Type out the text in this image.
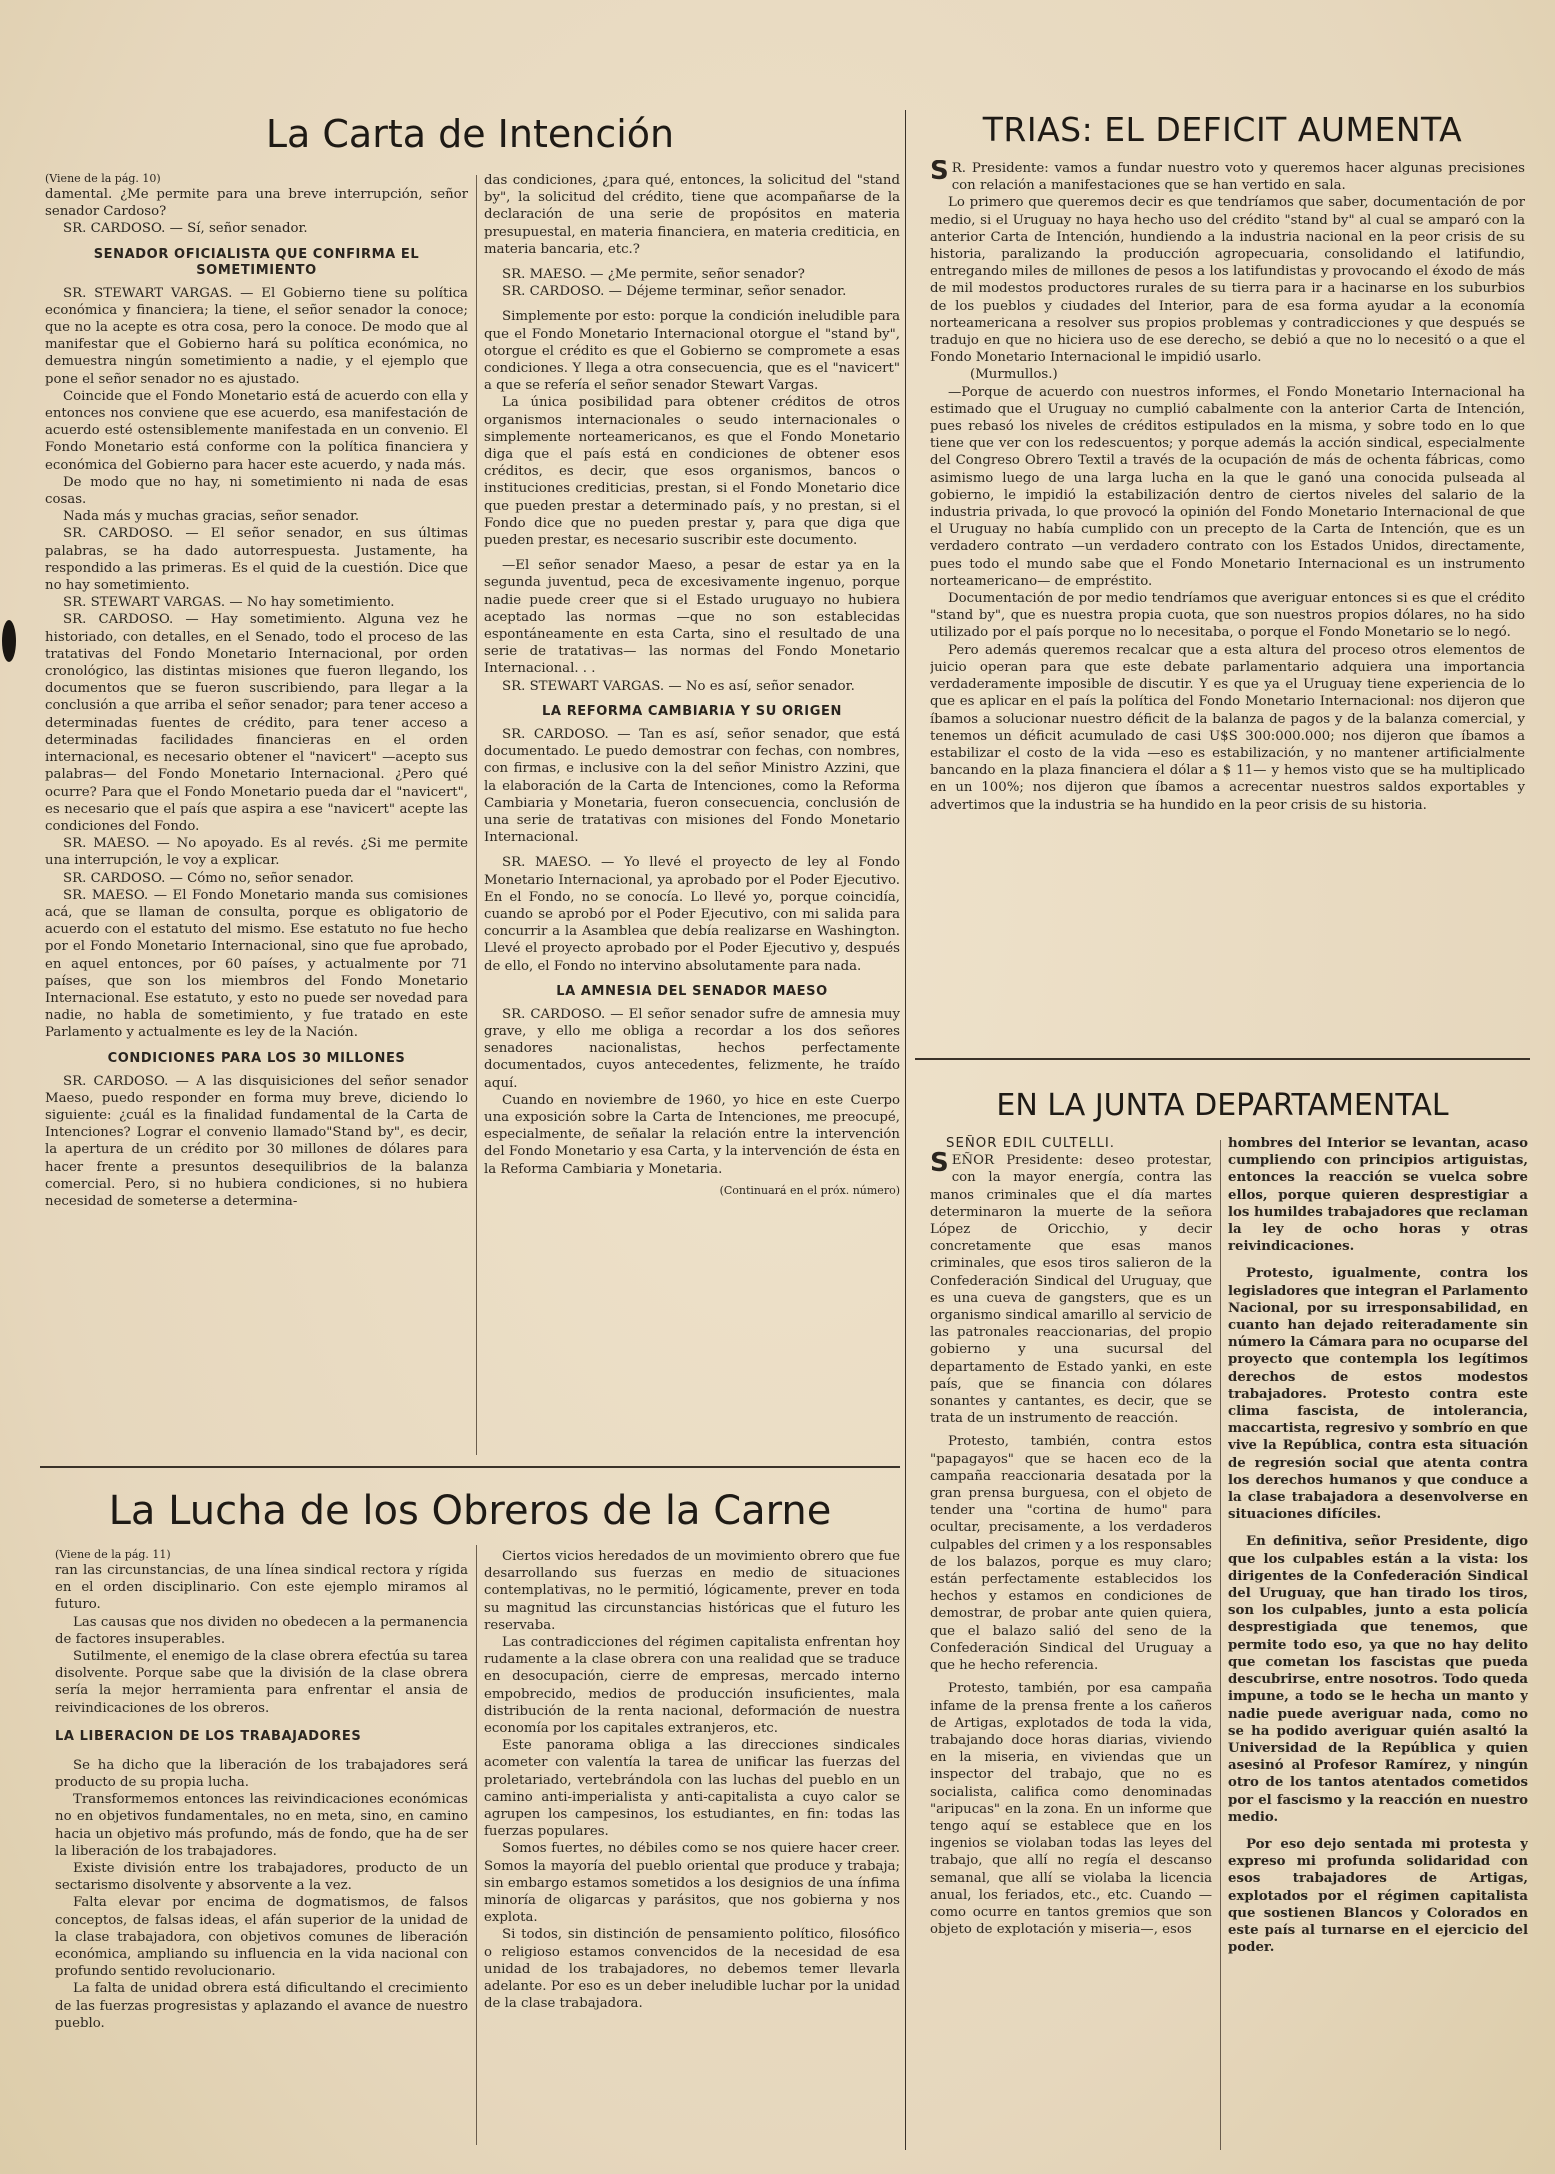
La Carta de Intención	TRIAS: EL DEFICIT AUMENTA
EN LA JUNTA DEPARTAMENTAL
La Lucha de los Obreros de la Carne

(Viene de la pág. 10)

damental. ¿Me permite para una breve interrupción, señor senador Cardoso?

SR. CARDOSO. — Sí, señor senador.

SENADOR OFICIALISTA QUE CONFIRMA EL SOMETIMIENTO

SR. STEWART VARGAS. — El Gobierno tiene su política económica y financiera; la tiene, el señor senador la conoce; que no la acepte es otra cosa, pero la conoce. De modo que al manifestar que el Gobierno hará su política económica, no demuestra ningún sometimiento a nadie, y el ejemplo que pone el señor senador no es ajustado.

Coincide que el Fondo Monetario está de acuerdo con ella y entonces nos conviene que ese acuerdo, esa manifestación de acuerdo esté ostensiblemente manifestada en un convenio. El Fondo Monetario está conforme con la política financiera y económica del Gobierno para hacer este acuerdo, y nada más.

De modo que no hay, ni sometimiento ni nada de esas cosas.

Nada más y muchas gracias, señor senador.

SR. CARDOSO. — El señor senador, en sus últimas palabras, se ha dado autorrespuesta. Justamente, ha respondido a las primeras. Es el quid de la cuestión. Dice que no hay sometimiento.

SR. STEWART VARGAS. — No hay sometimiento.

SR. CARDOSO. — Hay sometimiento. Alguna vez he historiado, con detalles, en el Senado, todo el proceso de las tratativas del Fondo Monetario Internacional, por orden cronológico, las distintas misiones que fueron llegando, los documentos que se fueron suscribiendo, para llegar a la conclusión a que arriba el señor senador; para tener acceso a determinadas fuentes de crédito, para tener acceso a determinadas facilidades financieras en el orden internacional, es necesario obtener el "navicert" —acepto sus palabras— del Fondo Monetario Internacional. ¿Pero qué ocurre? Para que el Fondo Monetario pueda dar el "navicert", es necesario que el país que aspira a ese "navicert" acepte las condiciones del Fondo.

SR. MAESO. — No apoyado. Es al revés. ¿Si me permite una interrupción, le voy a explicar.

SR. CARDOSO. — Cómo no, señor senador.

SR. MAESO. — El Fondo Monetario manda sus comisiones acá, que se llaman de consulta, porque es obligatorio de acuerdo con el estatuto del mismo. Ese estatuto no fue hecho por el Fondo Monetario Internacional, sino que fue aprobado, en aquel entonces, por 60 países, y actualmente por 71 países, que son los miembros del Fondo Monetario Internacional. Ese estatuto, y esto no puede ser novedad para nadie, no habla de sometimiento, y fue tratado en este Parlamento y actualmente es ley de la Nación.

CONDICIONES PARA LOS 30 MILLONES

SR. CARDOSO. — A las disquisiciones del señor senador Maeso, puedo responder en forma muy breve, diciendo lo siguiente: ¿cuál es la finalidad fundamental de la Carta de Intenciones? Lograr el convenio llamado"Stand by", es decir, la apertura de un crédito por 30 millones de dólares para hacer frente a presuntos desequilibrios de la balanza comercial. Pero, si no hubiera condiciones, si no hubiera necesidad de someterse a determina-

das condiciones, ¿para qué, entonces, la solicitud del "stand by", la solicitud del crédito, tiene que acompañarse de la declaración de una serie de propósitos en materia presupuestal, en materia financiera, en materia crediticia, en materia bancaria, etc.?

SR. MAESO. — ¿Me permite, señor senador?

SR. CARDOSO. — Déjeme terminar, señor senador.

Simplemente por esto: porque la condición ineludible para que el Fondo Monetario Internacional otorgue el "stand by", otorgue el crédito es que el Gobierno se compromete a esas condiciones. Y llega a otra consecuencia, que es el "navicert" a que se refería el señor senador Stewart Vargas.

La única posibilidad para obtener créditos de otros organismos internacionales o seudo internacionales o simplemente norteamericanos, es que el Fondo Monetario diga que el país está en condiciones de obtener esos créditos, es decir, que esos organismos, bancos o instituciones crediticias, prestan, si el Fondo Monetario dice que pueden prestar a determinado país, y no prestan, si el Fondo dice que no pueden prestar y, para que diga que pueden prestar, es necesario suscribir este documento.

—El señor senador Maeso, a pesar de estar ya en la segunda juventud, peca de excesivamente ingenuo, porque nadie puede creer que si el Estado uruguayo no hubiera aceptado las normas —que no son establecidas espontáneamente en esta Carta, sino el resultado de una serie de tratativas— las normas del Fondo Monetario Internacional. . .

SR. STEWART VARGAS. — No es así, señor senador.

LA REFORMA CAMBIARIA Y SU ORIGEN

SR. CARDOSO. — Tan es así, señor senador, que está documentado. Le puedo demostrar con fechas, con nombres, con firmas, e inclusive con la del señor Ministro Azzini, que la elaboración de la Carta de Intenciones, como la Reforma Cambiaria y Monetaria, fueron consecuencia, conclusión de una serie de tratativas con misiones del Fondo Monetario Internacional.

SR. MAESO. — Yo llevé el proyecto de ley al Fondo Monetario Internacional, ya aprobado por el Poder Ejecutivo. En el Fondo, no se conocía. Lo llevé yo, porque coincidía, cuando se aprobó por el Poder Ejecutivo, con mi salida para concurrir a la Asamblea que debía realizarse en Washington. Llevé el proyecto aprobado por el Poder Ejecutivo y, después de ello, el Fondo no intervino absolutamente para nada.

LA AMNESIA DEL SENADOR MAESO

SR. CARDOSO. — El señor senador sufre de amnesia muy grave, y ello me obliga a recordar a los dos señores senadores nacionalistas, hechos perfectamente documentados, cuyos antecedentes, felizmente, he traído aquí.

Cuando en noviembre de 1960, yo hice en este Cuerpo una exposición sobre la Carta de Intenciones, me preocupé, especialmente, de señalar la relación entre la intervención del Fondo Monetario y esa Carta, y la intervención de ésta en la Reforma Cambiaria y Monetaria.

(Continuará en el próx. número)

S R. Presidente: vamos a fundar nuestro voto y queremos hacer algunas precisiones con relación a manifestaciones que se han vertido en sala.

Lo primero que queremos decir es que tendríamos que saber, documentación de por medio, si el Uruguay no haya hecho uso del crédito "stand by" al cual se amparó con la anterior Carta de Intención, hundiendo a la industria nacional en la peor crisis de su historia, paralizando la producción agropecuaria, consolidando el latifundio, entregando miles de millones de pesos a los latifundistas y provocando el éxodo de más de mil modestos productores rurales de su tierra para ir a hacinarse en los suburbios de los pueblos y ciudades del Interior, para de esa forma ayudar a la economía norteamericana a resolver sus propios problemas y contradicciones y que después se tradujo en que no hiciera uso de ese derecho, se debió a que no lo necesitó o a que el Fondo Monetario Internacional le impidió usarlo.

(Murmullos.)

—Porque de acuerdo con nuestros informes, el Fondo Monetario Internacional ha estimado que el Uruguay no cumplió cabalmente con la anterior Carta de Intención, pues rebasó los niveles de créditos estipulados en la misma, y sobre todo en lo que tiene que ver con los redescuentos; y porque además la acción sindical, especialmente del Congreso Obrero Textil a través de la ocupación de más de ochenta fábricas, como asimismo luego de una larga lucha en la que le ganó una conocida pulseada al gobierno, le impidió la estabilización dentro de ciertos niveles del salario de la industria privada, lo que provocó la opinión del Fondo Monetario Internacional de que el Uruguay no había cumplido con un precepto de la Carta de Intención, que es un verdadero contrato —un verdadero contrato con los Estados Unidos, directamente, pues todo el mundo sabe que el Fondo Monetario Internacional es un instrumento norteamericano— de empréstito.

Documentación de por medio tendríamos que averiguar entonces si es que el crédito "stand by", que es nuestra propia cuota, que son nuestros propios dólares, no ha sido utilizado por el país porque no lo necesitaba, o porque el Fondo Monetario se lo negó.

Pero además queremos recalcar que a esta altura del proceso otros elementos de juicio operan para que este debate parlamentario adquiera una importancia verdaderamente imposible de discutir. Y es que ya el Uruguay tiene experiencia de lo que es aplicar en el país la política del Fondo Monetario Internacional: nos dijeron que íbamos a solucionar nuestro déficit de la balanza de pagos y de la balanza comercial, y tenemos un déficit acumulado de casi U$S 300:000.000; nos dijeron que íbamos a estabilizar el costo de la vida —eso es estabilización, y no mantener artificialmente bancando en la plaza financiera el dólar a $ 11— y hemos visto que se ha multiplicado en un 100%; nos dijeron que íbamos a acrecentar nuestros saldos exportables y advertimos que la industria se ha hundido en la peor crisis de su historia.

SEÑOR EDIL CULTELLI.

SEÑOR Presidente: deseo protestar, con la mayor energía, contra las manos criminales que el día martes determinaron la muerte de la señora López de Oricchio, y decir concretamente que esas manos criminales, que esos tiros salieron de la Confederación Sindical del Uruguay, que es una cueva de gangsters, que es un organismo sindical amarillo al servicio de las patronales reaccionarias, del propio gobierno y una sucursal del departamento de Estado yanki, en este país, que se financia con dólares sonantes y cantantes, es decir, que se trata de un instrumento de reacción.

Protesto, también, contra estos "papagayos" que se hacen eco de la campaña reaccionaria desatada por la gran prensa burguesa, con el objeto de tender una "cortina de humo" para ocultar, precisamente, a los verdaderos culpables del crimen y a los responsables de los balazos, porque es muy claro; están perfectamente establecidos los hechos y estamos en condiciones de demostrar, de probar ante quien quiera, que el balazo salió del seno de la Confederación Sindical del Uruguay a que he hecho referencia.

Protesto, también, por esa campaña infame de la prensa frente a los cañeros de Artigas, explotados de toda la vida, trabajando doce horas diarias, viviendo en la miseria, en viviendas que un inspector del trabajo, que no es socialista, califica como denominadas "aripucas" en la zona. En un informe que tengo aquí se establece que en los ingenios se violaban todas las leyes del trabajo, que allí no regía el descanso semanal, que allí se violaba la licencia anual, los feriados, etc., etc. Cuando —como ocurre en tantos gremios que son objeto de explotación y miseria—, esos

hombres del Interior se levantan, acaso cumpliendo con principios artiguistas, entonces la reacción se vuelca sobre ellos, porque quieren desprestigiar a los humildes trabajadores que reclaman la ley de ocho horas y otras reivindicaciones.

Protesto, igualmente, contra los legisladores que integran el Parlamento Nacional, por su irresponsabilidad, en cuanto han dejado reiteradamente sin número la Cámara para no ocuparse del proyecto que contempla los legítimos derechos de estos modestos trabajadores. Protesto contra este clima fascista, de intolerancia, maccartista, regresivo y sombrío en que vive la República, contra esta situación de regresión social que atenta contra los derechos humanos y que conduce a la clase trabajadora a desenvolverse en situaciones difíciles.

En definitiva, señor Presidente, digo que los culpables están a la vista: los dirigentes de la Confederación Sindical del Uruguay, que han tirado los tiros, son los culpables, junto a esta policía desprestigiada que tenemos, que permite todo eso, ya que no hay delito que cometan los fascistas que pueda descubrirse, entre nosotros. Todo queda impune, a todo se le hecha un manto y nadie puede averiguar nada, como no se ha podido averiguar quién asaltó la Universidad de la República y quien asesinó al Profesor Ramírez, y ningún otro de los tantos atentados cometidos por el fascismo y la reacción en nuestro medio.

Por eso dejo sentada mi protesta y expreso mi profunda solidaridad con esos trabajadores de Artigas, explotados por el régimen capitalista que sostienen Blancos y Colorados en este país al turnarse en el ejercicio del poder.

(Viene de la pág. 11)

ran las circunstancias, de una línea sindical rectora y rígida en el orden disciplinario. Con este ejemplo miramos al futuro.

Las causas que nos dividen no obedecen a la permanencia de factores insuperables.

Sutilmente, el enemigo de la clase obrera efectúa su tarea disolvente. Porque sabe que la división de la clase obrera sería la mejor herramienta para enfrentar el ansia de reivindicaciones de los obreros.

LA LIBERACION DE LOS TRABAJADORES

Se ha dicho que la liberación de los trabajadores será producto de su propia lucha.

Transformemos entonces las reivindicaciones económicas no en objetivos fundamentales, no en meta, sino, en camino hacia un objetivo más profundo, más de fondo, que ha de ser la liberación de los trabajadores.

Existe división entre los trabajadores, producto de un sectarismo disolvente y absorvente a la vez.

Falta elevar por encima de dogmatismos, de falsos conceptos, de falsas ideas, el afán superior de la unidad de la clase trabajadora, con objetivos comunes de liberación económica, ampliando su influencia en la vida nacional con profundo sentido revolucionario.

La falta de unidad obrera está dificultando el crecimiento de las fuerzas progresistas y aplazando el avance de nuestro pueblo.

Ciertos vicios heredados de un movimiento obrero que fue desarrollando sus fuerzas en medio de situaciones contemplativas, no le permitió, lógicamente, prever en toda su magnitud las circunstancias históricas que el futuro les reservaba.

Las contradicciones del régimen capitalista enfrentan hoy rudamente a la clase obrera con una realidad que se traduce en desocupación, cierre de empresas, mercado interno empobrecido, medios de producción insuficientes, mala distribución de la renta nacional, deformación de nuestra economía por los capitales extranjeros, etc.

Este panorama obliga a las direcciones sindicales acometer con valentía la tarea de unificar las fuerzas del proletariado, vertebrándola con las luchas del pueblo en un camino anti-imperialista y anti-capitalista a cuyo calor se agrupen los campesinos, los estudiantes, en fin: todas las fuerzas populares.

Somos fuertes, no débiles como se nos quiere hacer creer. Somos la mayoría del pueblo oriental que produce y trabaja; sin embargo estamos sometidos a los designios de una ínfima minoría de oligarcas y parásitos, que nos gobierna y nos explota.

Si todos, sin distinción de pensamiento político, filosófico o religioso estamos convencidos de la necesidad de esa unidad de los trabajadores, no debemos temer llevarla adelante. Por eso es un deber ineludible luchar por la unidad de la clase trabajadora.
